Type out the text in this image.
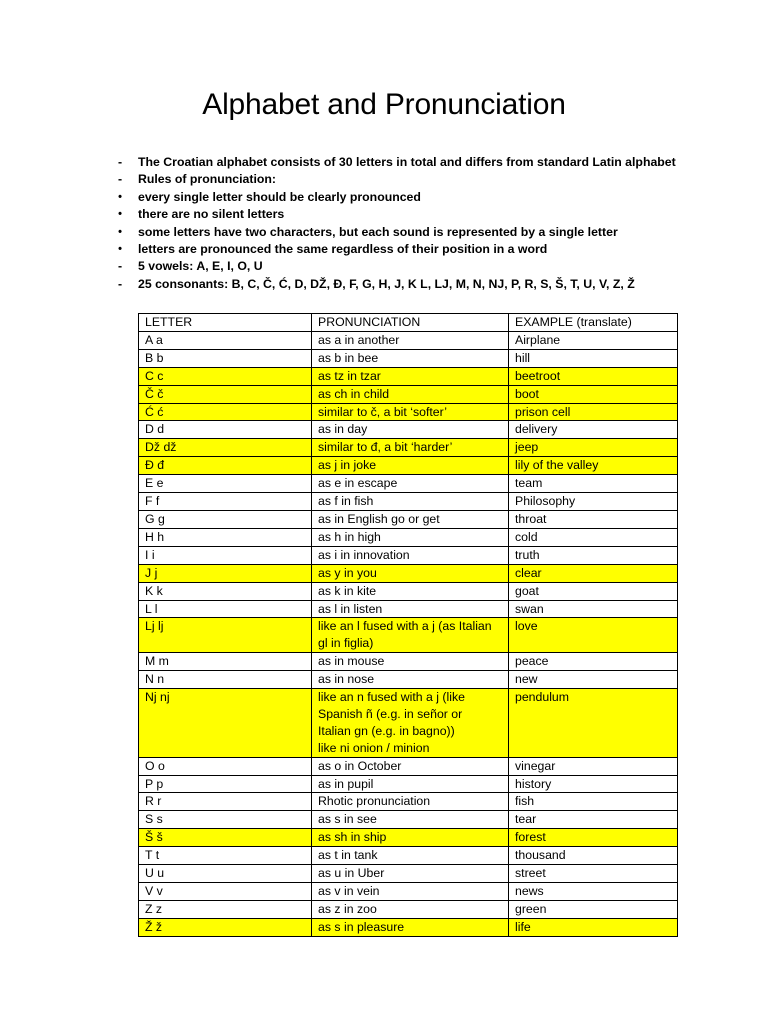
Alphabet and Pronunciation
-	The Croatian alphabet consists of 30 letters in total and differs from standard Latin alphabet
-	Rules of pronunciation:
•	every single letter should be clearly pronounced
•	there are no silent letters
•	some letters have two characters, but each sound is represented by a single letter
•	letters are pronounced the same regardless of their position in a word
-	5 vowels: A, E, I, O, U
-	25 consonants: B, C, Č, Ć, D, DŽ, Đ, F, G, H, J, K L, LJ, M, N, NJ, P, R, S, Š, T, U, V, Z, Ž
LETTER	PRONUNCIATION	EXAMPLE (translate)
A a	as a in another	Airplane
B b	as b in bee	hill
C c	as tz in tzar	beetroot
Č č	as ch in child	boot
Ć ć	similar to č, a bit ‘softer’	prison cell
D d	as in day	delivery
Dž dž	similar to đ, a bit ‘harder’	jeep
Đ đ	as j in joke	lily of the valley
E e	as e in escape	team
F f	as f in fish	Philosophy
G g	as in English go or get	throat
H h	as h in high	cold
I i	as i in innovation	truth
J j	as y in you	clear
K k	as k in kite	goat
L l	as l in listen	swan
Lj lj	like an l fused with a j (as Italian
gl in figlia)	love
M m	as in mouse	peace
N n	as in nose	new
Nj nj	like an n fused with a j (like
Spanish ñ (e.g. in señor or
Italian gn (e.g. in bagno))
like ni onion / minion	pendulum
O o	as o in October	vinegar
P p	as in pupil	history
R r	Rhotic pronunciation	fish
S s	as s in see	tear
Š š	as sh in ship	forest
T t	as t in tank	thousand
U u	as u in Uber	street
V v	as v in vein	news
Z z	as z in zoo	green
Ž ž	as s in pleasure	life
